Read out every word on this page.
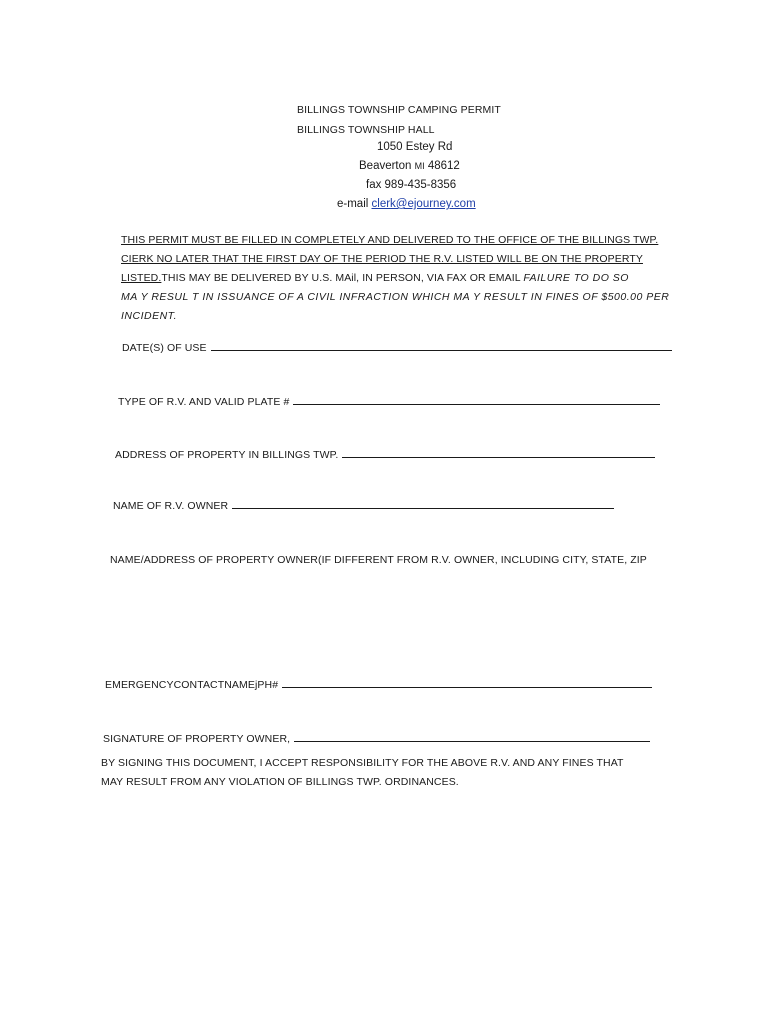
BILLINGS TOWNSHIP CAMPING PERMIT
BILLINGS TOWNSHIP HALL
1050 Estey Rd
Beaverton MI 48612
fax 989-435-8356
e-mail clerk@ejourney.com
THIS PERMIT MUST BE FILLED IN COMPLETELY AND DELIVERED TO THE OFFICE OF THE BILLINGS TWP.
CIERK NO LATER THAT THE FIRST DAY OF THE PERIOD THE R.V. LISTED WILL BE ON THE PROPERTY
LISTED.THIS MAY BE DELIVERED BY U.S. MAil, IN PERSON, VIA FAX OR EMAIL FAILURE TO DO SO
MA Y RESUL T IN ISSUANCE OF A CIVIL INFRACTION WHICH MA Y RESULT IN FINES OF $500.00 PER
INCIDENT.
DATE(S) OF USE
TYPE OF R.V. AND VALID PLATE #
ADDRESS OF PROPERTY IN BILLINGS TWP.
NAME OF R.V. OWNER
NAME/ADDRESS OF PROPERTY OWNER(IF DIFFERENT FROM R.V. OWNER, INCLUDING CITY, STATE, ZIP
EMERGENCYCONTACTNAMEjPH#
SIGNATURE OF PROPERTY OWNER,
BY SIGNING THIS DOCUMENT, I ACCEPT RESPONSIBILITY FOR THE ABOVE R.V. AND ANY FINES THAT
MAY RESULT FROM ANY VIOLATION OF BILLINGS TWP. ORDINANCES.
